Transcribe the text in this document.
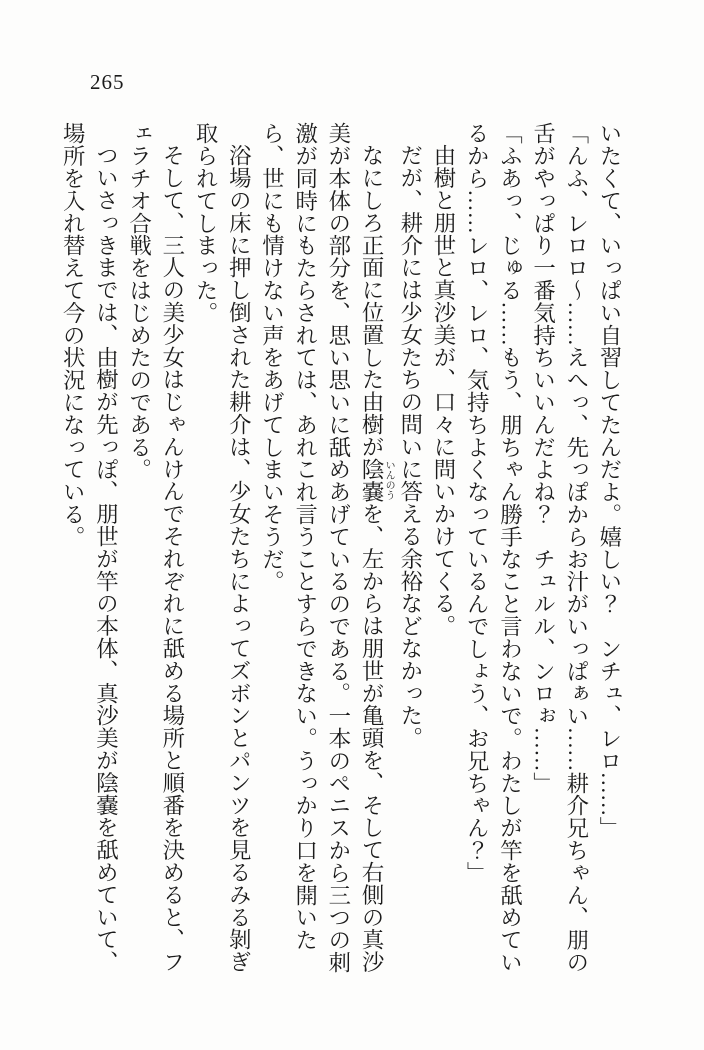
265

いたくて、いっぱい自習してたんだよ。嬉しい？　ンチュ、レロ……」

「んふ、レロロ～……えへっ、先っぽからお汁がいっぱぁい……耕介兄ちゃん、朋の舌がやっぱり一番気持ちいいんだよね？　チュルル、ンロぉ……」

「ふあっ、じゅる……もう、朋ちゃん勝手なこと言わないで。わたしが竿を舐めているから……レロ、レロ、気持ちよくなっているんでしょう、お兄ちゃん？」

由樹と朋世と真沙美が、口々に問いかけてくる。

だが、耕介には少女たちの問いに答える余裕などなかった。

なにしろ正面に位置した由樹が陰嚢 いんのうを、左からは朋世が亀頭を、そして右側の真沙美が本体の部分を、思い思いに舐めあげているのである。一本のペニスから三つの刺激が同時にもたらされては、あれこれ言うことすらできない。うっかり口を開いたら、世にも情けない声をあげてしまいそうだ。

浴場の床に押し倒された耕介は、少女たちによってズボンとパンツを見るみる剝ぎ取られてしまった。

そして、三人の美少女はじゃんけんでそれぞれに舐める場所と順番を決めると、フェラチオ合戦をはじめたのである。

ついさっきまでは、由樹が先っぽ、朋世が竿の本体、真沙美が陰嚢を舐めていて、場所を入れ替えて今の状況になっている。
